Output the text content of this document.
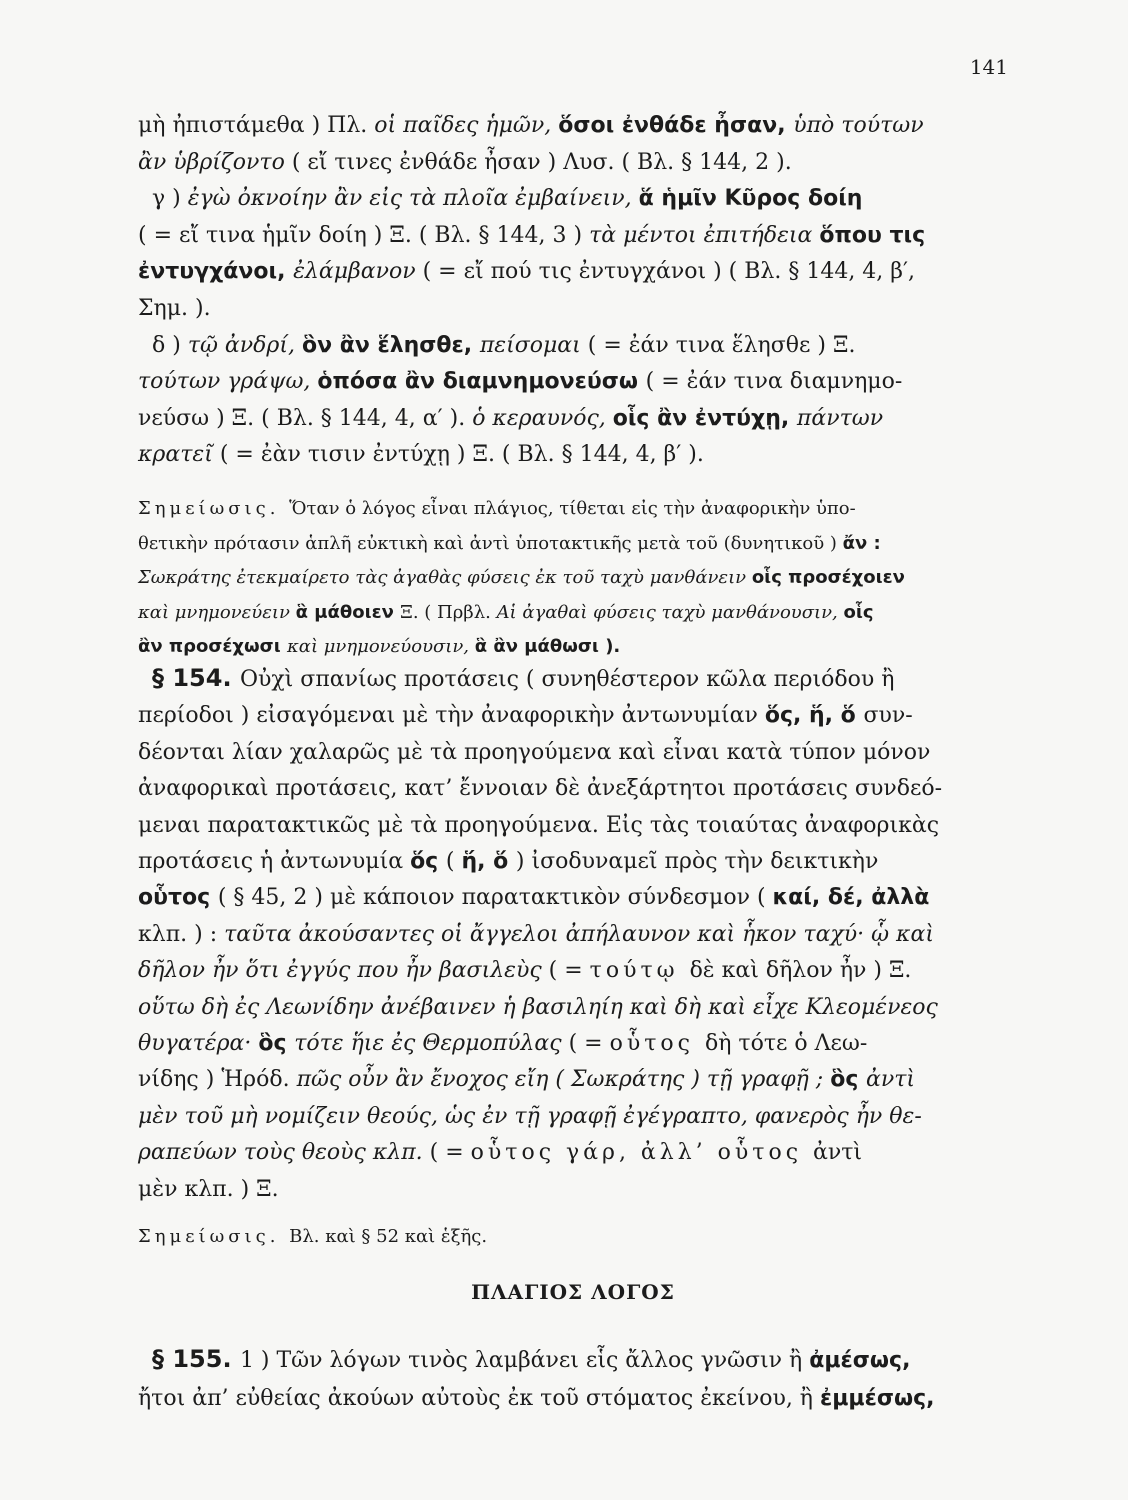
141
μὴ ἠπιστάμεθα ) Πλ. οἱ παῖδες ἡμῶν, ὅσοι ἐνθάδε ἦσαν, ὑπὸ τούτων
ἂν ὑβρίζοντο ( εἴ τινες ἐνθάδε ἦσαν ) Λυσ. ( Βλ. § 144, 2 ).
γ ) ἐγὼ ὀκνοίην ἂν εἰς τὰ πλοῖα ἐμβαίνειν, ἅ ἡμῖν Κῦρος δοίη
( = εἴ τινα ἡμῖν δοίη ) Ξ. ( Βλ. § 144, 3 ) τὰ μέντοι ἐπιτήδεια ὅπου τις
ἐντυγχάνοι, ἐλάμβανον ( = εἴ πού τις ἐντυγχάνοι ) ( Βλ. § 144, 4, β′,
Σημ. ).
δ ) τῷ ἀνδρί, ὃν ἂν ἕλησθε, πείσομαι ( = ἐάν τινα ἕλησθε ) Ξ.
τούτων γράψω, ὁπόσα ἂν διαμνημονεύσω ( = ἐάν τινα διαμνημο-
νεύσω ) Ξ. ( Βλ. § 144, 4, α′ ). ὁ κεραυνός, οἷς ἂν ἐντύχῃ, πάντων
κρατεῖ ( = ἐὰν τισιν ἐντύχῃ ) Ξ. ( Βλ. § 144, 4, β′ ).
Σημείωσις. Ὅταν ὁ λόγος εἶναι πλάγιος, τίθεται εἰς τὴν ἀναφορικὴν ὑπο-
θετικὴν πρότασιν ἁπλῆ εὐκτικὴ καὶ ἀντὶ ὑποτακτικῆς μετὰ τοῦ (δυνητικοῦ ) ἄν :
Σωκράτης ἐτεκμαίρετο τὰς ἀγαθὰς φύσεις ἐκ τοῦ ταχὺ μανθάνειν οἷς προσέχοιεν
καὶ μνημονεύειν ἃ μάθοιεν Ξ. ( Πρβλ. Αἱ ἀγαθαὶ φύσεις ταχὺ μανθάνουσιν, οἷς
ἂν προσέχωσι καὶ μνημονεύουσιν, ἃ ἂν μάθωσι ).
§ 154. Οὐχὶ σπανίως προτάσεις ( συνηθέστερον κῶλα περιόδου ἢ
περίοδοι ) εἰσαγόμεναι μὲ τὴν ἀναφορικὴν ἀντωνυμίαν ὅς, ἥ, ὅ συν-
δέονται λίαν χαλαρῶς μὲ τὰ προηγούμενα καὶ εἶναι κατὰ τύπον μόνον
ἀναφορικαὶ προτάσεις, κατ’ ἔννοιαν δὲ ἀνεξάρτητοι προτάσεις συνδεό-
μεναι παρατακτικῶς μὲ τὰ προηγούμενα. Εἰς τὰς τοιαύτας ἀναφορικὰς
προτάσεις ἡ ἀντωνυμία ὅς ( ἥ, ὅ ) ἰσοδυναμεῖ πρὸς τὴν δεικτικὴν
οὗτος ( § 45, 2 ) μὲ κάποιον παρατακτικὸν σύνδεσμον ( καί, δέ, ἀλλὰ
κλπ. ) : ταῦτα ἀκούσαντες οἱ ἄγγελοι ἀπήλαυνον καὶ ἧκον ταχύ· ᾧ καὶ
δῆλον ἦν ὅτι ἐγγύς που ἦν βασιλεὺς ( = τούτῳ δὲ καὶ δῆλον ἦν ) Ξ.
οὕτω δὴ ἐς Λεωνίδην ἀνέβαινεν ἡ βασιληίη καὶ δὴ καὶ εἶχε Κλεομένεος
θυγατέρα· ὃς τότε ἥιε ἐς Θερμοπύλας ( = οὗτος δὴ τότε ὁ Λεω-
νίδης ) Ἡρόδ. πῶς οὖν ἂν ἔνοχος εἴη ( Σωκράτης ) τῇ γραφῇ ; ὃς ἀντὶ
μὲν τοῦ μὴ νομίζειν θεούς, ὡς ἐν τῇ γραφῇ ἐγέγραπτο, φανερὸς ἦν θε-
ραπεύων τοὺς θεοὺς κλπ. ( = οὗτος γάρ, ἀλλ’ οὗτος ἀντὶ
μὲν κλπ. ) Ξ.
Σημείωσις. Βλ. καὶ § 52 καὶ ἑξῆς.
ΠΛΑΓΙΟΣ ΛΟΓΟΣ
§ 155. 1 ) Τῶν λόγων τινὸς λαμβάνει εἷς ἄλλος γνῶσιν ἢ ἀμέσως,
ἤτοι ἀπ’ εὐθείας ἀκούων αὐτοὺς ἐκ τοῦ στόματος ἐκείνου, ἢ ἐμμέσως,
